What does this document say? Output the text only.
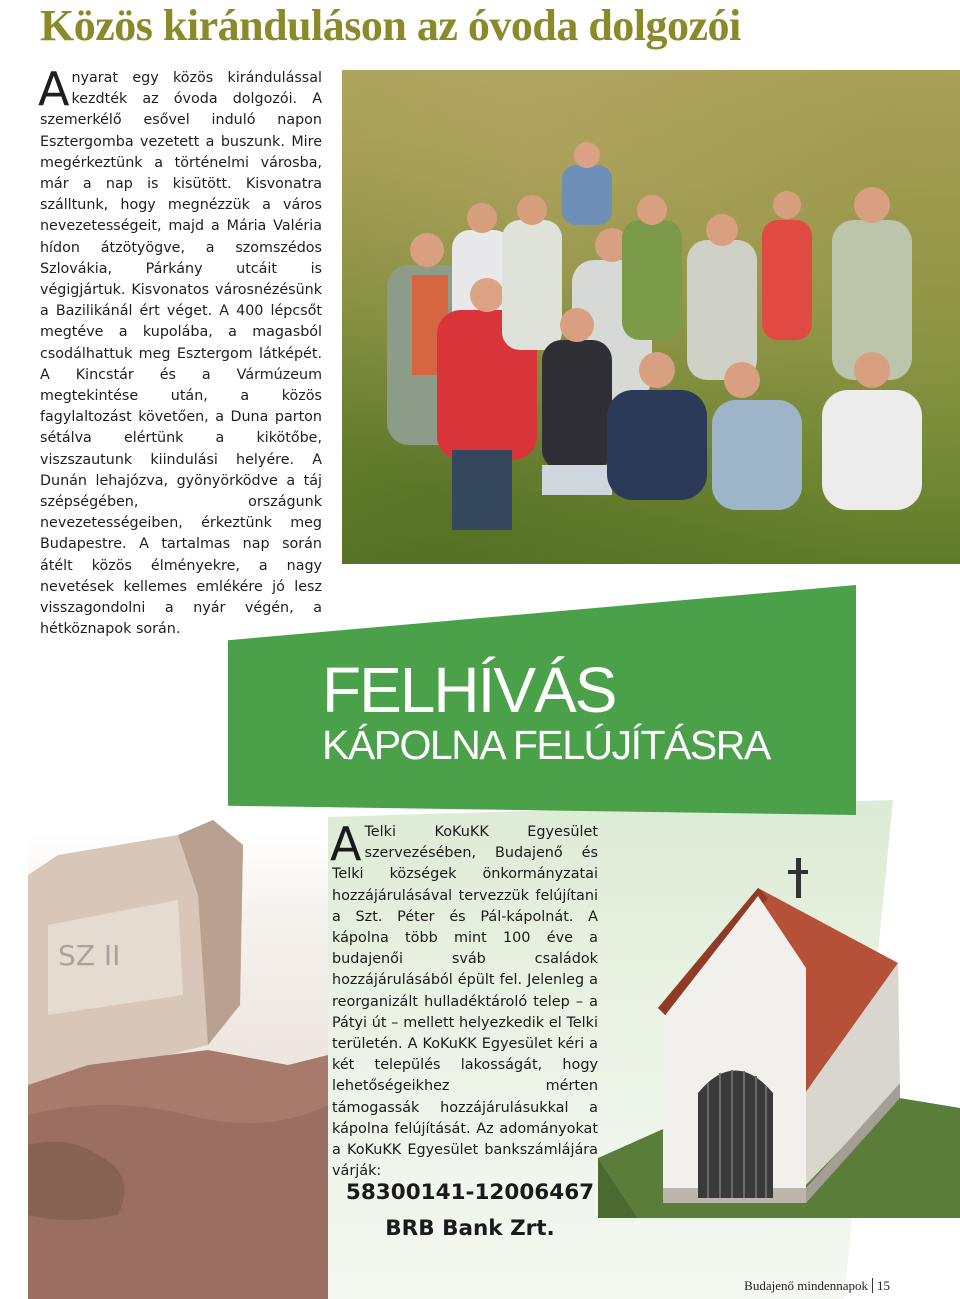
Közös kiránduláson az óvoda dolgozói
A nyarat egy közös kirándulással kezdték az óvoda dolgozói. A szemerkélő esővel induló napon Esztergomba vezetett a buszunk. Mire megérkeztünk a történelmi városba, már a nap is kisütött. Kisvonatra szálltunk, hogy megnézzük a város nevezetességeit, majd a Mária Valéria hídon átzötyögve, a szomszédos Szlovákia, Párkány utcáit is végigjártuk. Kisvonatos városnézésünk a Bazilikánál ért véget. A 400 lépcsőt megtéve a kupolába, a magasból csodálhattuk meg Esztergom látképét. A Kincstár és a Vármúzeum megtekintése után, a közös fagylaltozást követően, a Duna parton sétálva elértünk a kikötőbe, viszszautunk kiindulási helyére. A Dunán lehajózva, gyönyörködve a táj szépségében, országunk nevezetességeiben, érkeztünk meg Budapestre. A tartalmas nap során átélt közös élményekre, a nagy nevetések kellemes emlékére jó lesz visszagondolni a nyár végén, a hétköznapok során.
FELHÍVÁS
KÁPOLNA FELÚJÍTÁSRA
SZ II
A Telki KoKuKK Egyesület szervezésében, Budajenő és Telki községek önkormányzatai hozzájárulásával tervezzük felújítani a Szt. Péter és Pál-kápolnát. A kápolna több mint 100 éve a budajenői sváb családok hozzájárulásából épült fel. Jelenleg a reorganizált hulladéktároló telep – a Pátyi út – mellett helyezkedik el Telki területén. A KoKuKK Egyesület kéri a két település lakosságát, hogy lehetőségeikhez mérten támogassák hozzájárulásukkal a kápolna felújítását. Az adományokat a KoKuKK Egyesület bankszámlájára várják:
58300141-12006467
BRB Bank Zrt.
Budajenő mindennapok 15
